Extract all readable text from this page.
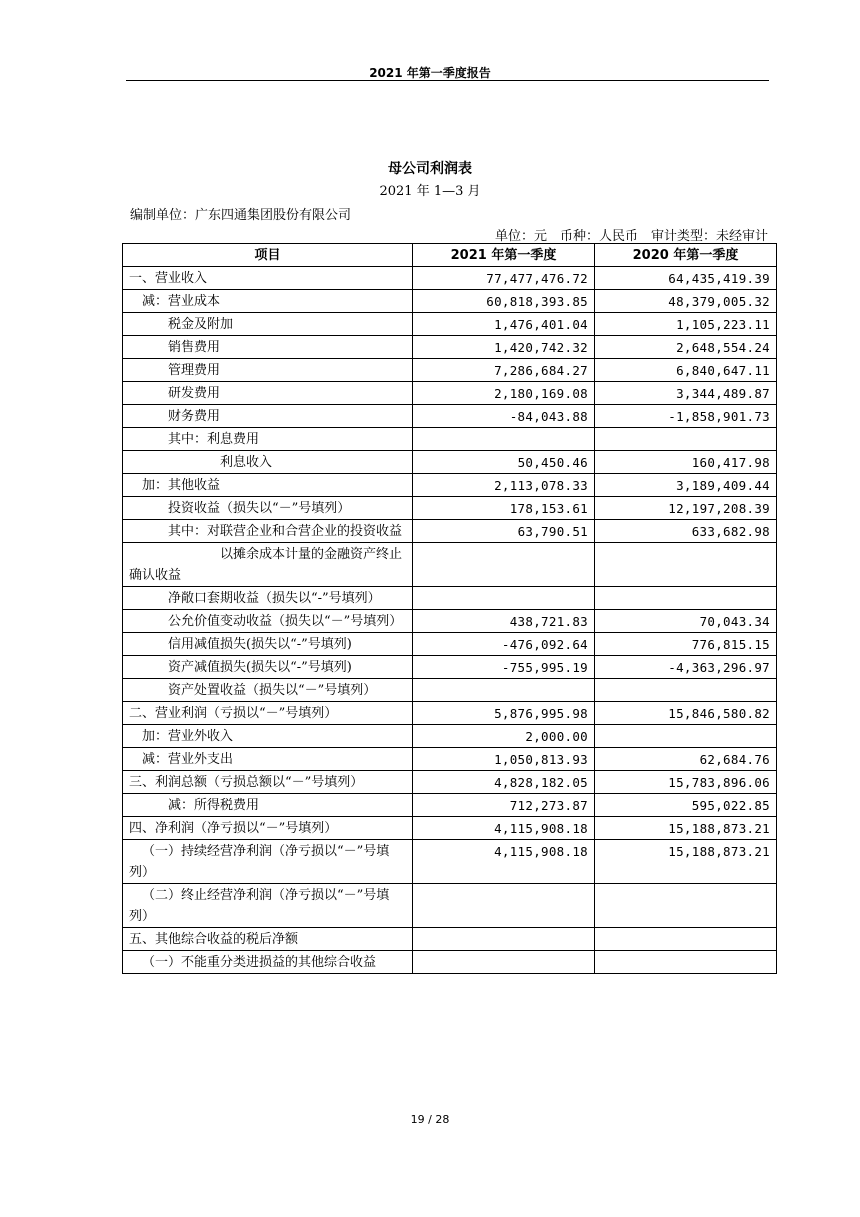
2021 年第一季度报告
母公司利润表
2021 年 1—3 月
编制单位：广东四通集团股份有限公司
单位：元　币种：人民币　审计类型：未经审计
项目	2021 年第一季度	2020 年第一季度
一、营业收入	77,477,476.72	64,435,419.39
减：营业成本	60,818,393.85	48,379,005.32
税金及附加	1,476,401.04	1,105,223.11
销售费用	1,420,742.32	2,648,554.24
管理费用	7,286,684.27	6,840,647.11
研发费用	2,180,169.08	3,344,489.87
财务费用	-84,043.88	-1,858,901.73
其中：利息费用		
利息收入	50,450.46	160,417.98
加：其他收益	2,113,078.33	3,189,409.44
投资收益（损失以“－”号填列）	178,153.61	12,197,208.39
其中：对联营企业和合营企业的投资收益	63,790.51	633,682.98
以摊余成本计量的金融资产终止确认收益		
净敞口套期收益（损失以“-”号填列）		
公允价值变动收益（损失以“－”号填列）	438,721.83	70,043.34
信用减值损失(损失以“-”号填列)	-476,092.64	776,815.15
资产减值损失(损失以“-”号填列)	-755,995.19	-4,363,296.97
资产处置收益（损失以“－”号填列）		
二、营业利润（亏损以“－”号填列）	5,876,995.98	15,846,580.82
加：营业外收入	2,000.00	
减：营业外支出	1,050,813.93	62,684.76
三、利润总额（亏损总额以“－”号填列）	4,828,182.05	15,783,896.06
减：所得税费用	712,273.87	595,022.85
四、净利润（净亏损以“－”号填列）	4,115,908.18	15,188,873.21
（一）持续经营净利润（净亏损以“－”号填列）	4,115,908.18	15,188,873.21
（二）终止经营净利润（净亏损以“－”号填列）		
五、其他综合收益的税后净额		
（一）不能重分类进损益的其他综合收益		
19 / 28
